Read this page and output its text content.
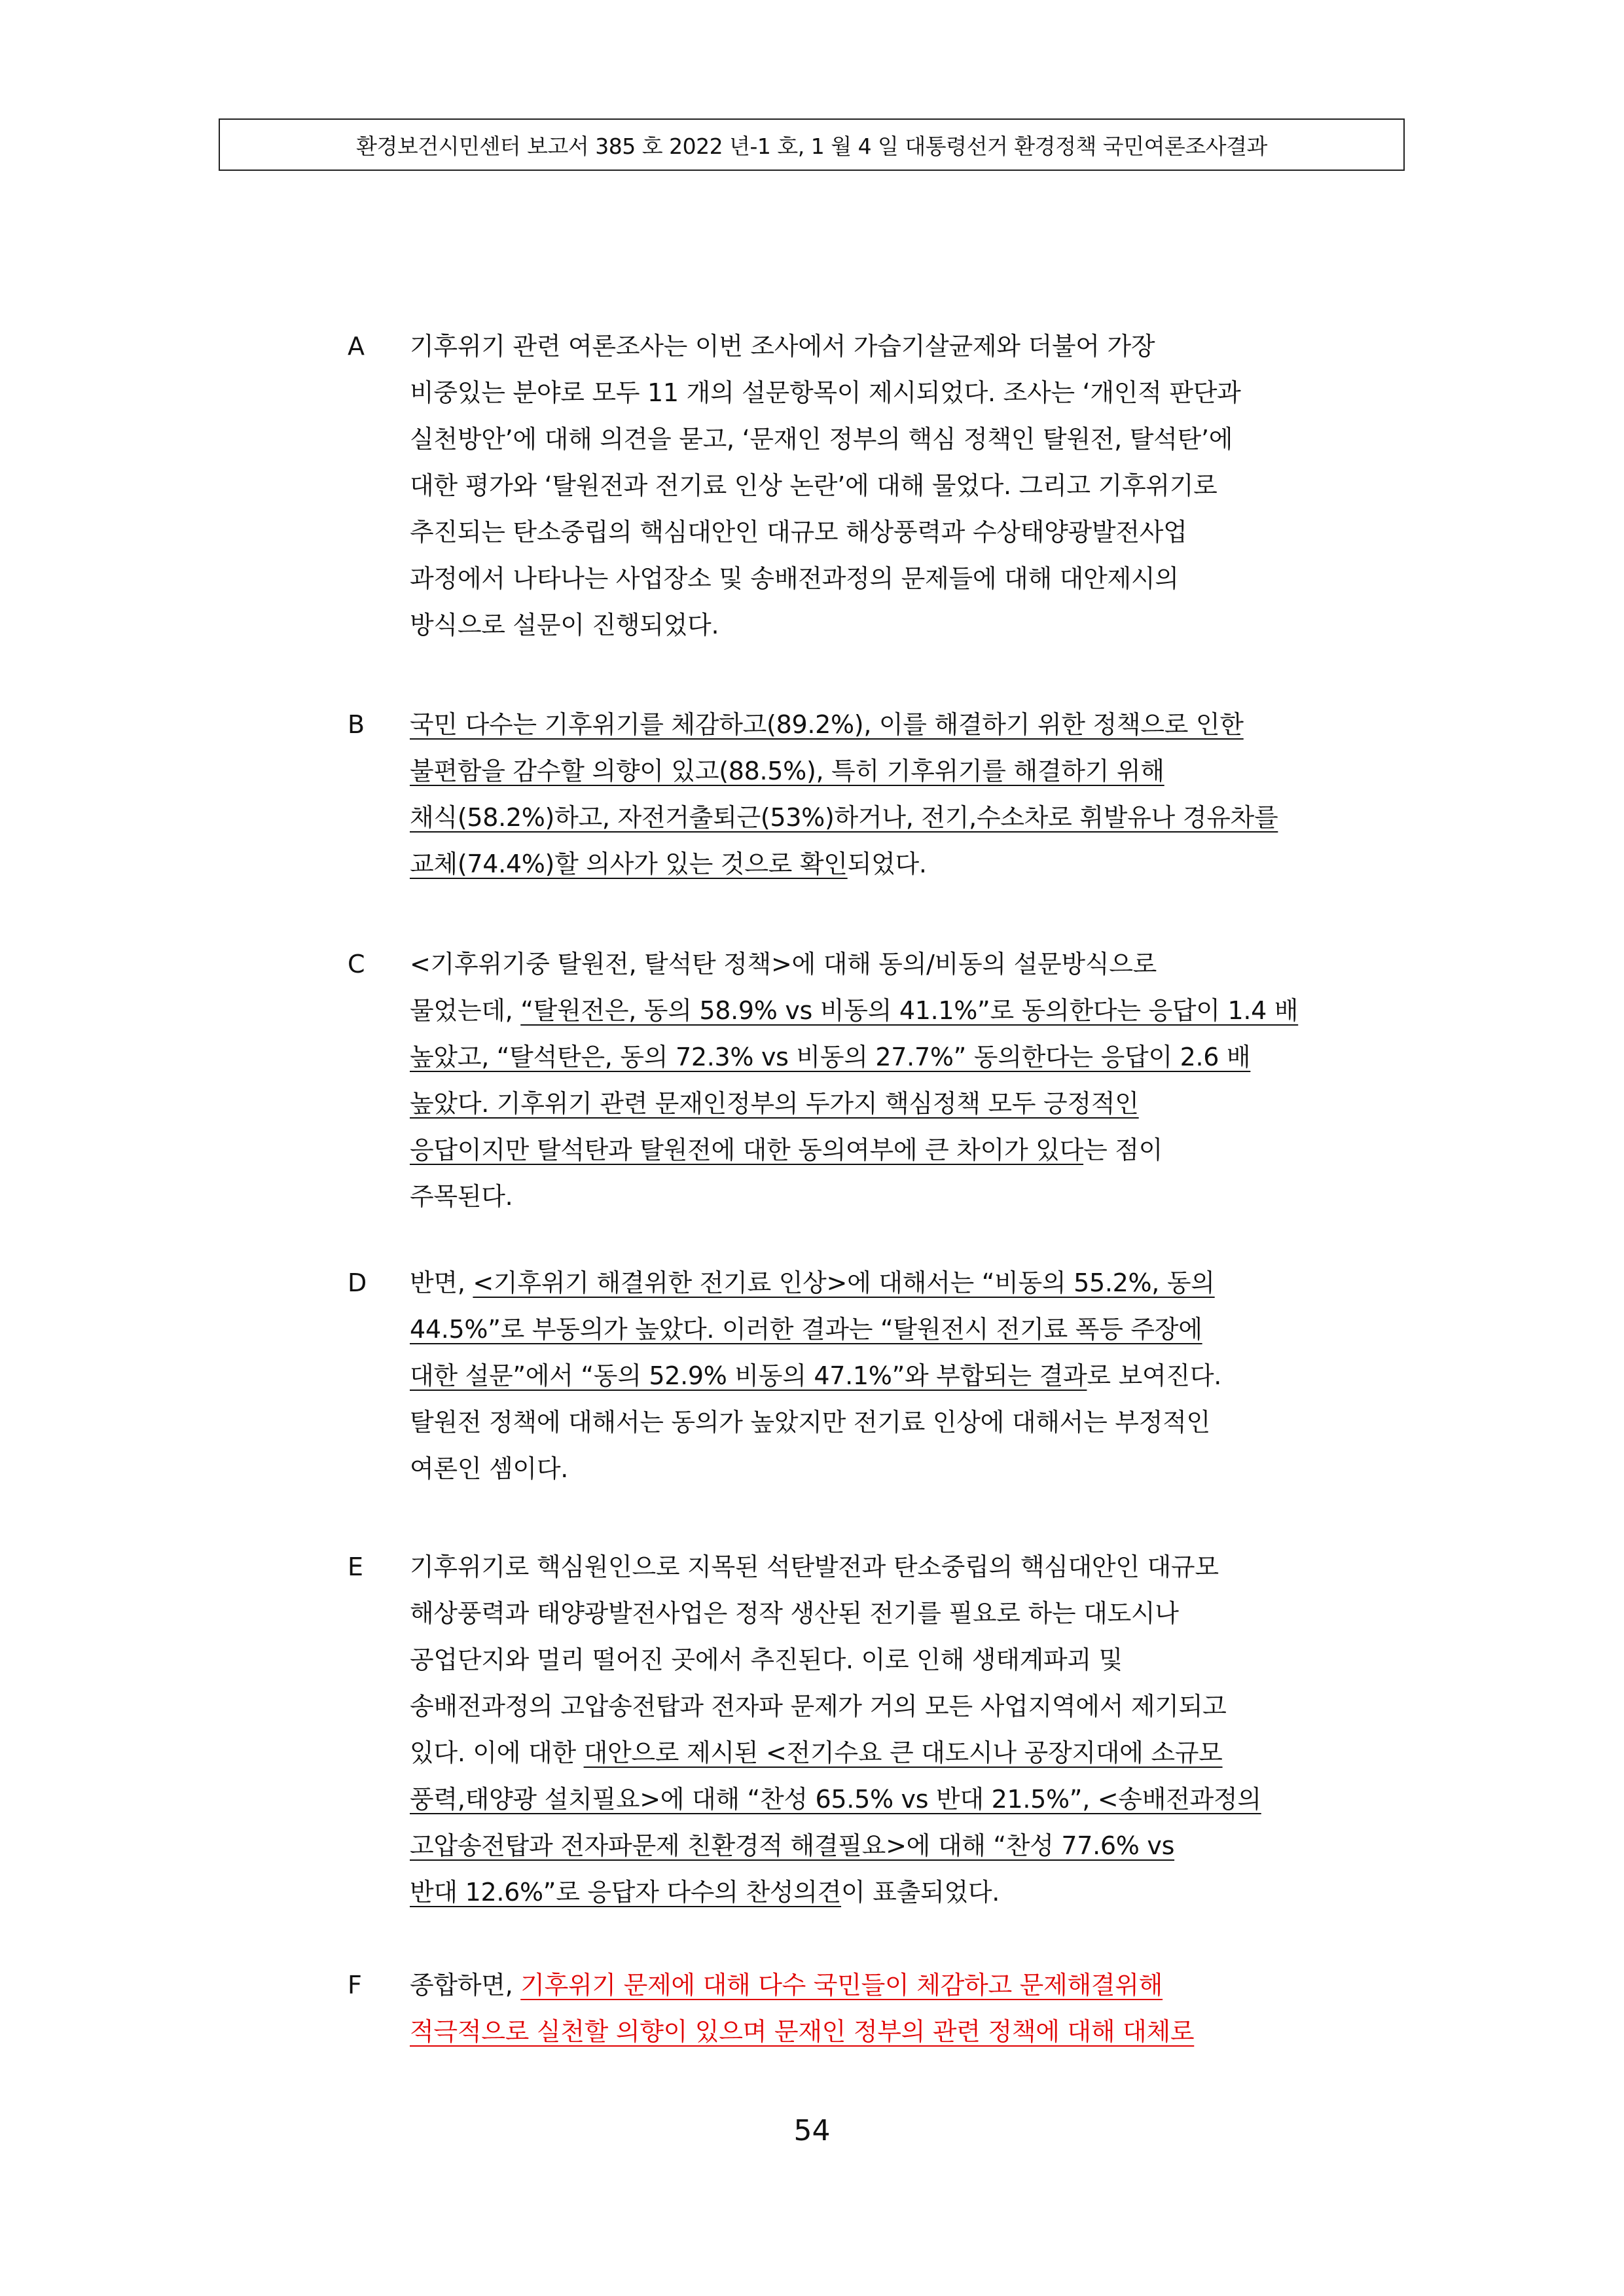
환경보건시민센터 보고서 385 호 2022 년-1 호, 1 월 4 일 대통령선거 환경정책 국민여론조사결과
A 기후위기 관련 여론조사는 이번 조사에서 가습기살균제와 더불어 가장
비중있는 분야로 모두 11 개의 설문항목이 제시되었다. 조사는 ‘개인적 판단과
실천방안’에 대해 의견을 묻고, ‘문재인 정부의 핵심 정책인 탈원전, 탈석탄’에
대한 평가와 ‘탈원전과 전기료 인상 논란’에 대해 물었다. 그리고 기후위기로
추진되는 탄소중립의 핵심대안인 대규모 해상풍력과 수상태양광발전사업
과정에서 나타나는 사업장소 및 송배전과정의 문제들에 대해 대안제시의
방식으로 설문이 진행되었다.
B 국민 다수는 기후위기를 체감하고(89.2%), 이를 해결하기 위한 정책으로 인한
불편함을 감수할 의향이 있고(88.5%), 특히 기후위기를 해결하기 위해
채식(58.2%)하고, 자전거출퇴근(53%)하거나, 전기,수소차로 휘발유나 경유차를
교체(74.4%)할 의사가 있는 것으로 확인되었다.
C <기후위기중 탈원전, 탈석탄 정책>에 대해 동의/비동의 설문방식으로
물었는데, “탈원전은, 동의 58.9% vs 비동의 41.1%”로 동의한다는 응답이 1.4 배
높았고, “탈석탄은, 동의 72.3% vs 비동의 27.7%” 동의한다는 응답이 2.6 배
높았다. 기후위기 관련 문재인정부의 두가지 핵심정책 모두 긍정적인
응답이지만 탈석탄과 탈원전에 대한 동의여부에 큰 차이가 있다는 점이
주목된다.
D 반면, <기후위기 해결위한 전기료 인상>에 대해서는 “비동의 55.2%, 동의
44.5%”로 부동의가 높았다. 이러한 결과는 “탈원전시 전기료 폭등 주장에
대한 설문”에서 “동의 52.9% 비동의 47.1%”와 부합되는 결과로 보여진다.
탈원전 정책에 대해서는 동의가 높았지만 전기료 인상에 대해서는 부정적인
여론인 셈이다.
E 기후위기로 핵심원인으로 지목된 석탄발전과 탄소중립의 핵심대안인 대규모
해상풍력과 태양광발전사업은 정작 생산된 전기를 필요로 하는 대도시나
공업단지와 멀리 떨어진 곳에서 추진된다. 이로 인해 생태계파괴 및
송배전과정의 고압송전탑과 전자파 문제가 거의 모든 사업지역에서 제기되고
있다. 이에 대한 대안으로 제시된 <전기수요 큰 대도시나 공장지대에 소규모
풍력,태양광 설치필요>에 대해 “찬성 65.5% vs 반대 21.5%”, <송배전과정의
고압송전탑과 전자파문제 친환경적 해결필요>에 대해 “찬성 77.6% vs
반대 12.6%”로 응답자 다수의 찬성의견이 표출되었다.
F 종합하면, 기후위기 문제에 대해 다수 국민들이 체감하고 문제해결위해
적극적으로 실천할 의향이 있으며 문재인 정부의 관련 정책에 대해 대체로
54
